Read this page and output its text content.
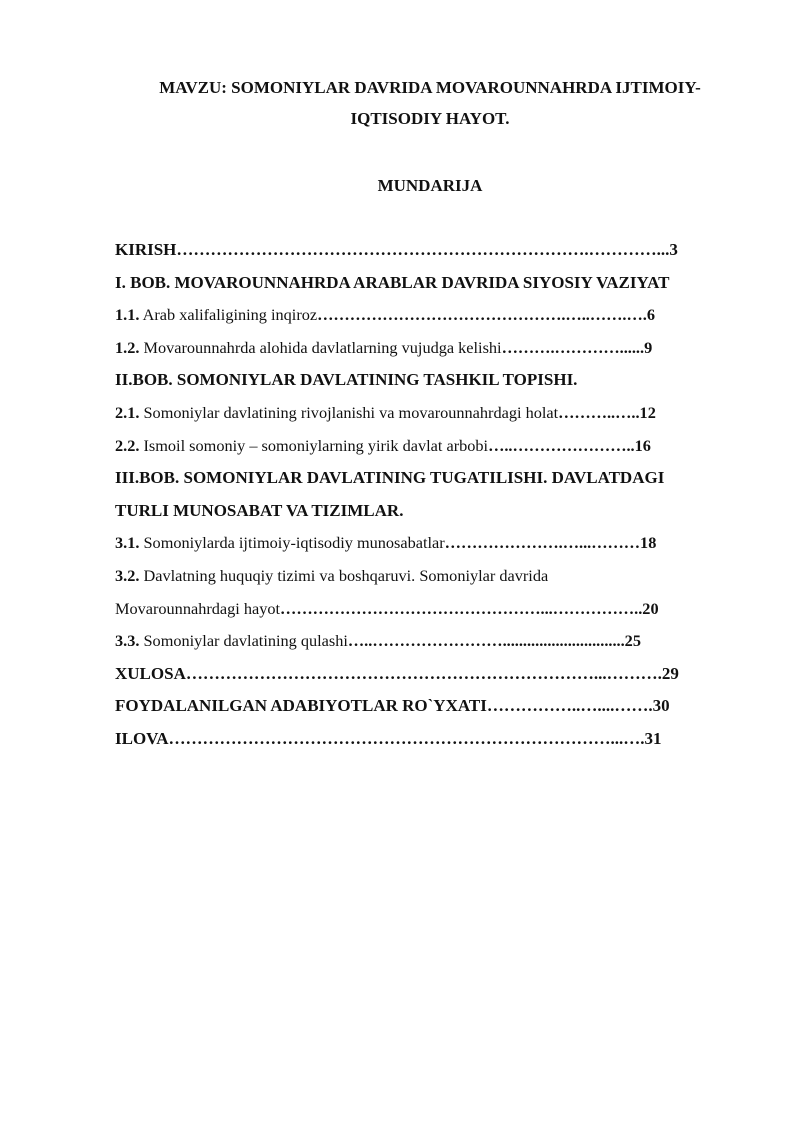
MAVZU: SOMONIYLAR DAVRIDA MOVAROUNNAHRDA IJTIMOIY-
IQTISODIY HAYOT.
MUNDARIJA
KIRISH……………………………………………………………….…………...3
I. BOB. MOVAROUNNAHRDA ARABLAR DAVRIDA SIYOSIY VAZIYAT
1.1. Arab xalifaligining inqiroz……………………………………….…..…….….6
1.2. Movarounnahrda alohida davlatlarning vujudga kelishi……….…………......9
II.BOB. SOMONIYLAR DAVLATINING TASHKIL TOPISHI.
2.1. Somoniylar davlatining rivojlanishi va movarounnahrdagi holat………..…..12
2.2. Ismoil somoniy – somoniylarning yirik davlat arbobi…..…………………..16
III.BOB. SOMONIYLAR DAVLATINING TUGATILISHI. DAVLATDAGI
TURLI MUNOSABAT VA TIZIMLAR.
3.1. Somoniylarda ijtimoiy-iqtisodiy munosabatlar………………….…...………18
3.2. Davlatning huquqiy tizimi va boshqaruvi. Somoniylar davrida
Movarounnahrdagi hayot…………………………………………...……………..20
3.3. Somoniylar davlatining qulashi…..……………………..............................25
XULOSA………………………………………………………………...……….29
FOYDALANILGAN ADABIYOTLAR RO`YXATI……………..…....…….30
ILOVA……………………………………………………………………...….31
